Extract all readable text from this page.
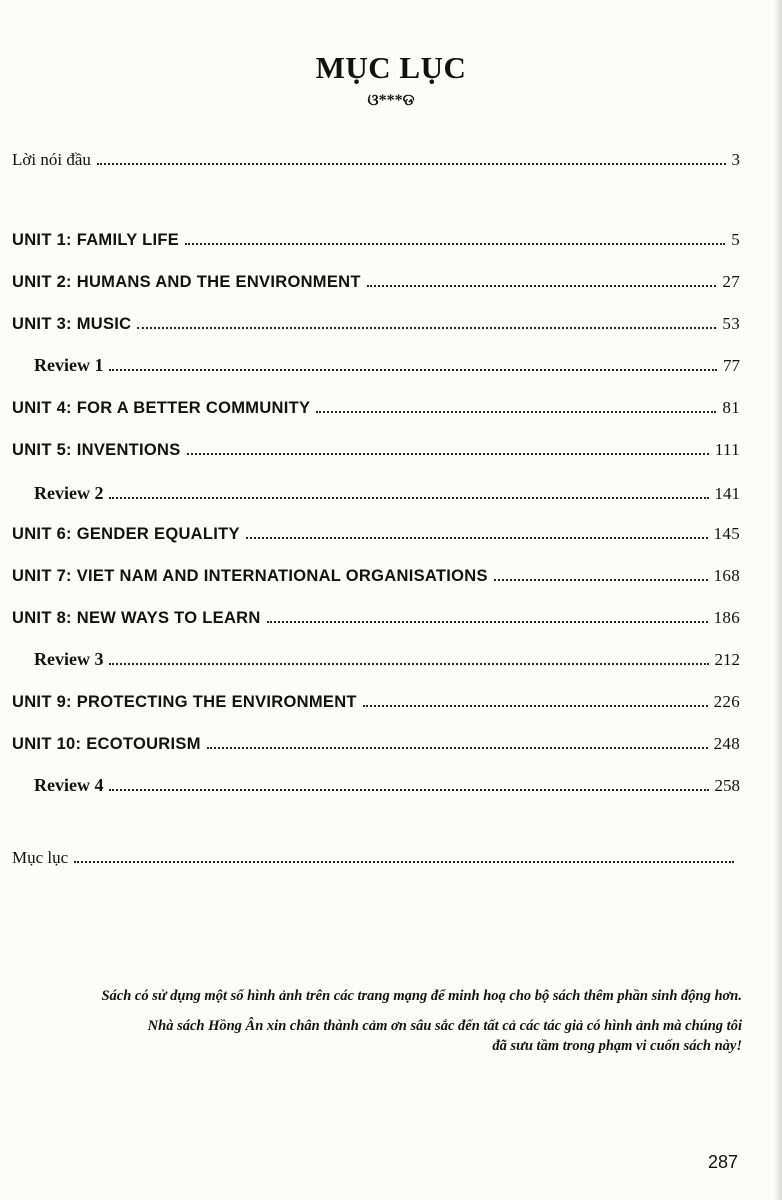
MỤC LỤC
ଓ***ଡ
Lời nói đầu	3
UNIT 1: FAMILY LIFE	5
UNIT 2: HUMANS AND THE ENVIRONMENT	27
UNIT 3: MUSIC	53
Review 1	77
UNIT 4: FOR A BETTER COMMUNITY	81
UNIT 5: INVENTIONS	111
Review 2	141
UNIT 6: GENDER EQUALITY	145
UNIT 7: VIET NAM AND INTERNATIONAL ORGANISATIONS	168
UNIT 8: NEW WAYS TO LEARN	186
Review 3	212
UNIT 9: PROTECTING THE ENVIRONMENT	226
UNIT 10: ECOTOURISM	248
Review 4	258
Mục lục
Sách có sử dụng một số hình ảnh trên các trang mạng để minh hoạ cho bộ sách thêm phần sinh động hơn.
Nhà sách Hồng Ân xin chân thành cảm ơn sâu sắc đến tất cả các tác giả có hình ảnh mà chúng tôi
đã sưu tầm trong phạm vi cuốn sách này!
287
